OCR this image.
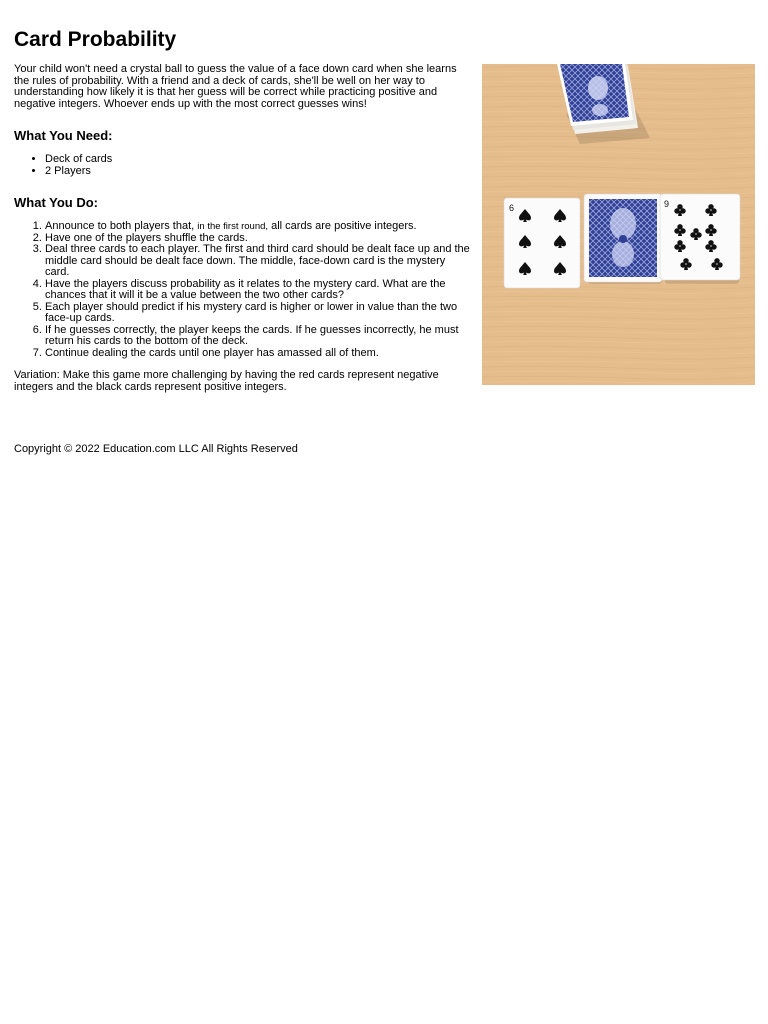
Card Probability

Your child won't need a crystal ball to guess the value of a face down card when she learns the rules of probability. With a friend and a deck of cards, she'll be well on her way to understanding how likely it is that her guess will be correct while practicing positive and negative integers. Whoever ends up with the most correct guesses wins!

What You Need:
• Deck of cards
• 2 Players
What You Do:
1. Announce to both players that, in the first round, all cards are positive integers.
2. Have one of the players shuffle the cards.
3. Deal three cards to each player. The first and third card should be dealt face up and the middle card should be dealt face down. The middle, face-down card is the mystery card.
4. Have the players discuss probability as it relates to the mystery card. What are the chances that it will it be a value between the two other cards?
5. Each player should predict if his mystery card is higher or lower in value than the two face-up cards.
6. If he guesses correctly, the player keeps the cards. If he guesses incorrectly, he must return his cards to the bottom of the deck.
7. Continue dealing the cards until one player has amassed all of them.

Variation: Make this game more challenging by having the red cards represent negative integers and the black cards represent positive integers.

6	9
Copyright © 2022 Education.com LLC All Rights Reserved
